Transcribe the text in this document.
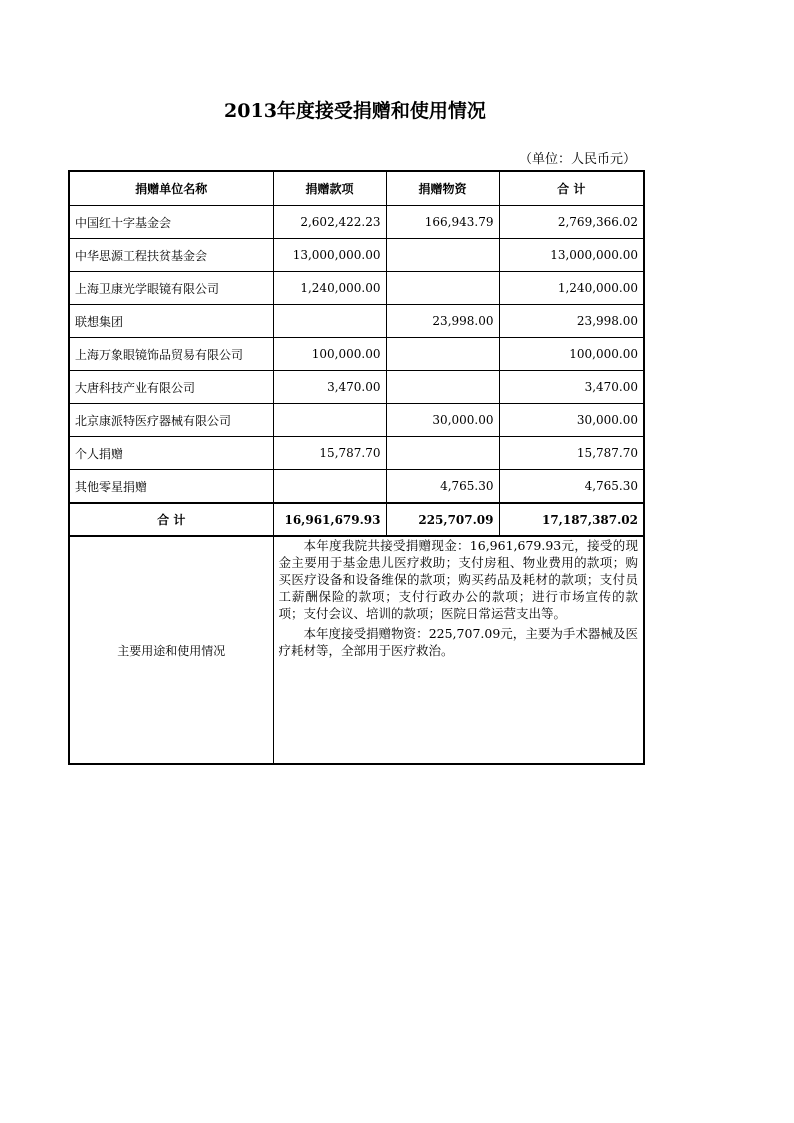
2013年度接受捐赠和使用情况
（单位：人民币元）
捐赠单位名称	捐赠款项	捐赠物资	合 计
中国红十字基金会	2,602,422.23	166,943.79	2,769,366.02
中华思源工程扶贫基金会	13,000,000.00		13,000,000.00
上海卫康光学眼镜有限公司	1,240,000.00		1,240,000.00
联想集团		23,998.00	23,998.00
上海万象眼镜饰品贸易有限公司	100,000.00		100,000.00
大唐科技产业有限公司	3,470.00		3,470.00
北京康派特医疗器械有限公司		30,000.00	30,000.00
个人捐赠	15,787.70		15,787.70
其他零星捐赠		4,765.30	4,765.30
合 计	16,961,679.93	225,707.09	17,187,387.02
主要用途和使用情况	本年度我院共接受捐赠现金：16,961,679.93元，接受的现金主要用于基金患儿医疗救助；支付房租、物业费用的款项；购买医疗设备和设备维保的款项；购买药品及耗材的款项；支付员工薪酬保险的款项；支付行政办公的款项；进行市场宣传的款项；支付会议、培训的款项；医院日常运营支出等。

本年度接受捐赠物资：225,707.09元，主要为手术器械及医疗耗材等，全部用于医疗救治。		
